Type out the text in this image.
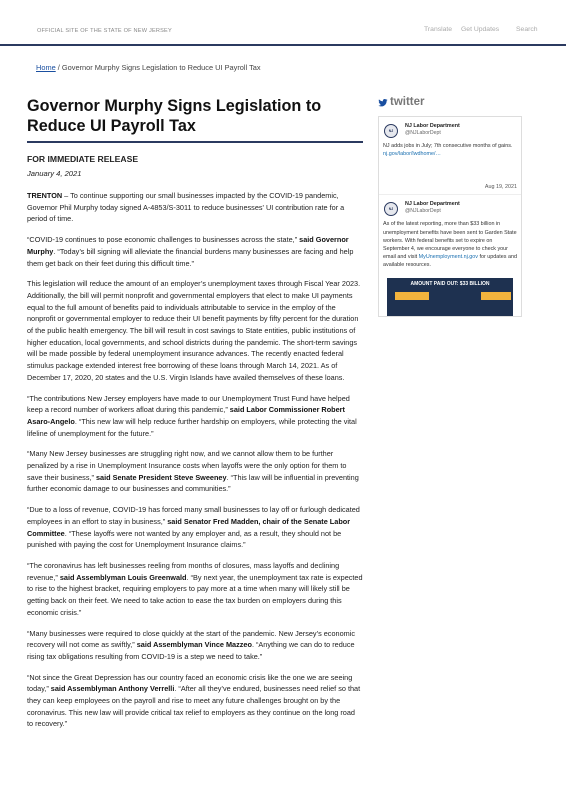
OFFICIAL SITE OF THE STATE OF NEW JERSEY	Translate Get Updates Search
Home / Governor Murphy Signs Legislation to Reduce UI Payroll Tax
Governor Murphy Signs Legislation to Reduce UI Payroll Tax
FOR IMMEDIATE RELEASE
January 4, 2021

TRENTON – To continue supporting our small businesses impacted by the COVID-19 pandemic, Governor Phil Murphy today signed A-4853/S-3011 to reduce businesses' UI contribution rate for a period of time.

“COVID-19 continues to pose economic challenges to businesses across the state,” said Governor Murphy. “Today’s bill signing will alleviate the financial burdens many businesses are facing and help them get back on their feet during this difficult time.”

This legislation will reduce the amount of an employer’s unemployment taxes through Fiscal Year 2023. Additionally, the bill will permit nonprofit and governmental employers that elect to make UI payments equal to the full amount of benefits paid to individuals attributable to service in the employ of the nonprofit or governmental employer to reduce their UI benefit payments by fifty percent for the duration of the public health emergency. The bill will result in cost savings to State entities, public institutions of higher education, local governments, and school districts during the pandemic. The short-term savings will be made possible by federal unemployment insurance advances. The recently enacted federal stimulus package extended interest free borrowing of these loans through March 14, 2021. As of December 17, 2020, 20 states and the U.S. Virgin Islands have availed themselves of these loans.

“The contributions New Jersey employers have made to our Unemployment Trust Fund have helped keep a record number of workers afloat during this pandemic,” said Labor Commissioner Robert Asaro-Angelo. “This new law will help reduce further hardship on employers, while protecting the vital lifeline of unemployment for the future.”

“Many New Jersey businesses are struggling right now, and we cannot allow them to be further penalized by a rise in Unemployment Insurance costs when layoffs were the only option for them to save their business,” said Senate President Steve Sweeney. “This law will be influential in preventing further economic damage to our businesses and communities.”

“Due to a loss of revenue, COVID-19 has forced many small businesses to lay off or furlough dedicated employees in an effort to stay in business,” said Senator Fred Madden, chair of the Senate Labor Committee. “These layoffs were not wanted by any employer and, as a result, they should not be punished with paying the cost for Unemployment Insurance claims.”

“The coronavirus has left businesses reeling from months of closures, mass layoffs and declining revenue,” said Assemblyman Louis Greenwald. “By next year, the unemployment tax rate is expected to rise to the highest bracket, requiring employers to pay more at a time when many will likely still be getting back on their feet. We need to take action to ease the tax burden on employers during this economic crisis.”

“Many businesses were required to close quickly at the start of the pandemic. New Jersey’s economic recovery will not come as swiftly,” said Assemblyman Vince Mazzeo. “Anything we can do to reduce rising tax obligations resulting from COVID-19 is a step we need to take.”

“Not since the Great Depression has our country faced an economic crisis like the one we are seeing today,” said Assemblyman Anthony Verrelli. “After all they’ve endured, businesses need relief so that they can keep employees on the payroll and rise to meet any future challenges brought on by the coronavirus. This new law will provide critical tax relief to employers as they continue on the long road to recovery.”

twitter
NJ
NJ Labor Department
@NJLaborDept
NJ adds jobs in July; 7th consecutive months of gains. nj.gov/labor/lwdhome/…
Aug 19, 2021
NJ
NJ Labor Department
@NJLaborDept
As of the latest reporting, more than $33 billion in unemployment benefits have been sent to Garden State workers. With federal benefits set to expire on September 4, we encourage everyone to check your email and visit MyUnemployment.nj.gov for updates and available resources.
AMOUNT PAID OUT: $33 BILLION
